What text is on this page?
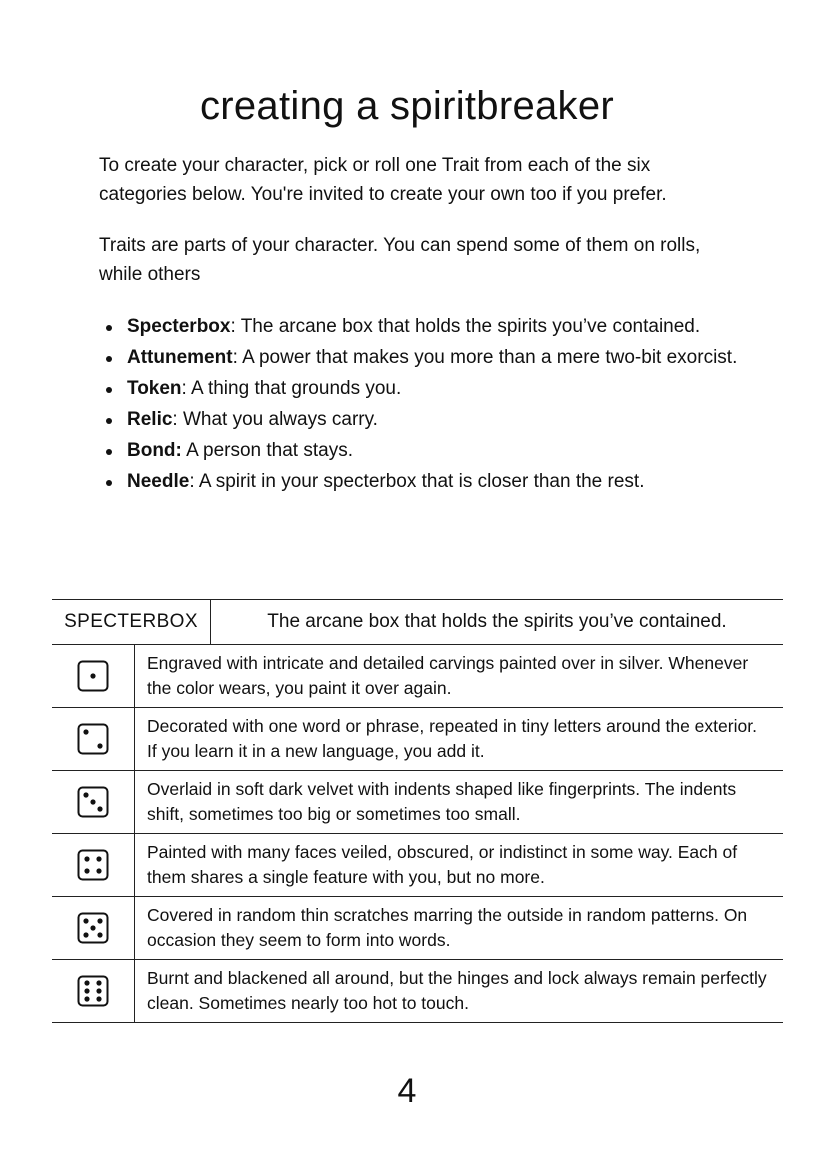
creating a spiritbreaker

To create your character, pick or roll one Trait from each of the six categories below. You're invited to create your own too if you prefer.

Traits are parts of your character. You can spend some of them on rolls, while others

Specterbox: The arcane box that holds the spirits you’ve contained.
Attunement: A power that makes you more than a mere two-bit exorcist.
Token: A thing that grounds you.
Relic: What you always carry.
Bond: A person that stays.
Needle: A spirit in your specterbox that is closer than the rest.
SPECTERBOX	The arcane box that holds the spirits you’ve contained.
Engraved with intricate and detailed carvings painted over in silver. Whenever the color wears, you paint it over again.
Decorated with one word or phrase, repeated in tiny letters around the exterior. If you learn it in a new language, you add it.
Overlaid in soft dark velvet with indents shaped like fingerprints. The indents shift, sometimes too big or sometimes too small.
Painted with many faces veiled, obscured, or indistinct in some way. Each of them shares a single feature with you, but no more.
Covered in random thin scratches marring the outside in random patterns. On occasion they seem to form into words.
Burnt and blackened all around, but the hinges and lock always remain perfectly clean. Sometimes nearly too hot to touch.
4
